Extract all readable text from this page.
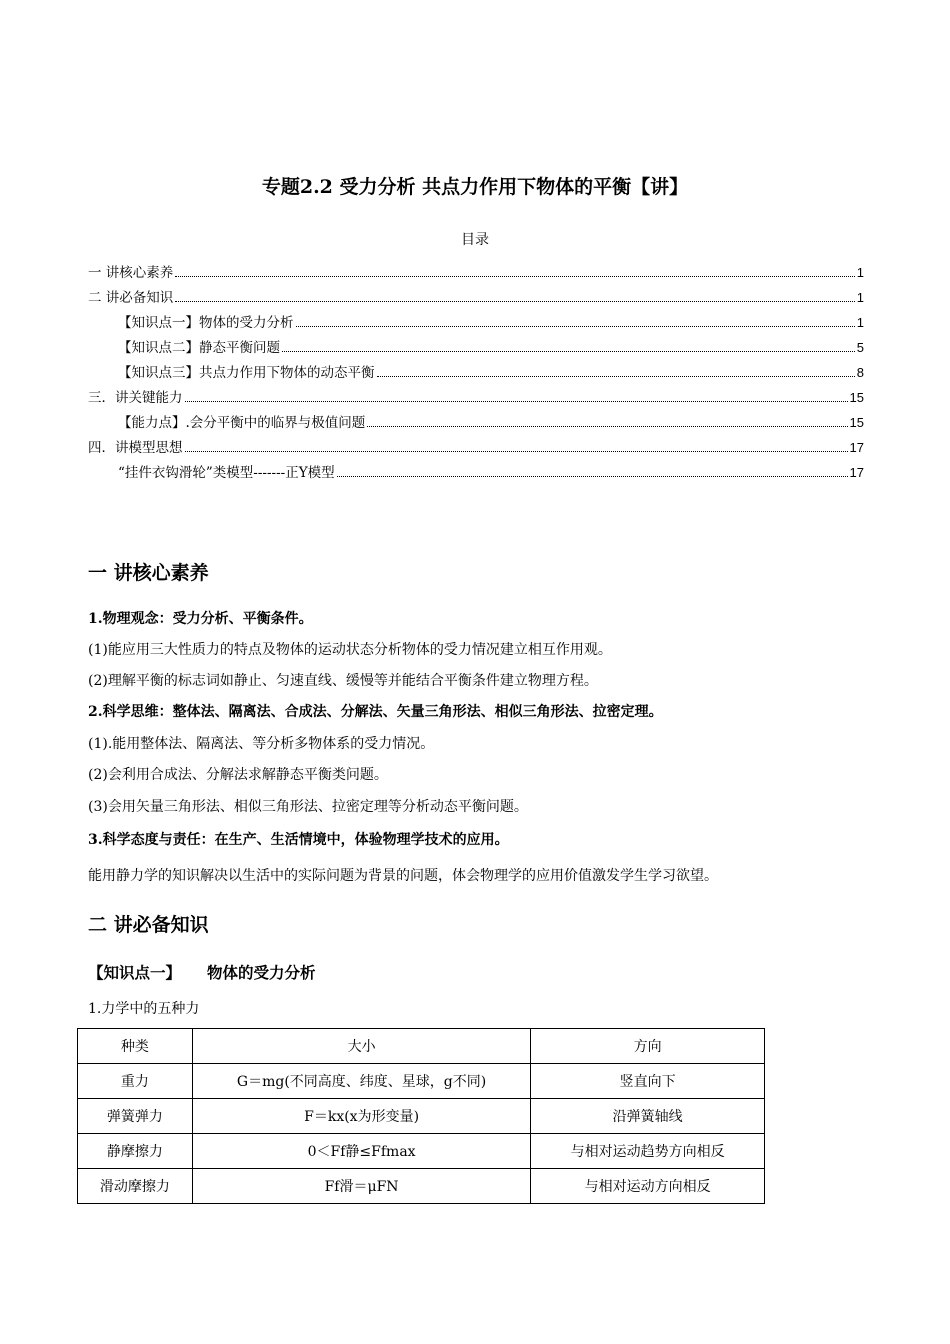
专题2.2 受力分析 共点力作用下物体的平衡【讲】
目录
一 讲核心素养	1
二 讲必备知识	1
【知识点一】物体的受力分析	1
【知识点二】静态平衡问题	5
【知识点三】共点力作用下物体的动态平衡	8
三．讲关键能力	15
【能力点】.会分平衡中的临界与极值问题	15
四．讲模型思想	17
“挂件衣钩滑轮”类模型-------正Y模型	17
一 讲核心素养
1.物理观念：受力分析、平衡条件。
(1)能应用三大性质力的特点及物体的运动状态分析物体的受力情况建立相互作用观。
(2)理解平衡的标志词如静止、匀速直线、缓慢等并能结合平衡条件建立物理方程。
2.科学思维：整体法、隔离法、合成法、分解法、矢量三角形法、相似三角形法、拉密定理。
(1).能用整体法、隔离法、等分析多物体系的受力情况。
(2)会利用合成法、分解法求解静态平衡类问题。
(3)会用矢量三角形法、相似三角形法、拉密定理等分析动态平衡问题。
3.科学态度与责任：在生产、生活情境中，体验物理学技术的应用。
能用静力学的知识解决以生活中的实际问题为背景的问题，体会物理学的应用价值激发学生学习欲望。
二 讲必备知识
【知识点一】 物体的受力分析
1.力学中的五种力
种类	大小	方向
重力	G＝mg(不同高度、纬度、星球，g不同)	竖直向下
弹簧弹力	F＝kx(x为形变量)	沿弹簧轴线
静摩擦力	0＜Ff静≤Ffmax	与相对运动趋势方向相反
滑动摩擦力	Ff滑＝μFN	与相对运动方向相反
